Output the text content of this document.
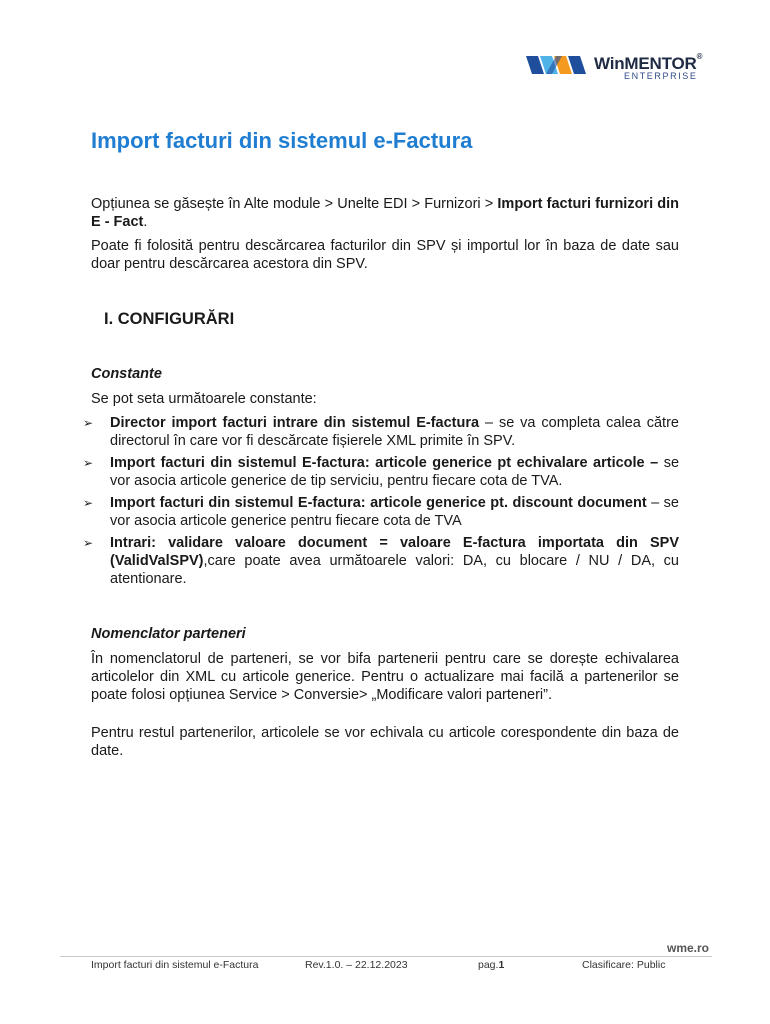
WinMENTOR®
ENTERPRISE
Import facturi din sistemul e-Factura

Opțiunea se găsește în Alte module > Unelte EDI > Furnizori > Import facturi furnizori din E - Fact.

Poate fi folosită pentru descărcarea facturilor din SPV și importul lor în baza de date sau doar pentru descărcarea acestora din SPV.

I. CONFIGURĂRI
Constante

Se pot seta următoarele constante:

➢ Director import facturi intrare din sistemul E-factura – se va completa calea către directorul în care vor fi descărcate fișierele XML primite în SPV.
➢ Import facturi din sistemul E-factura: articole generice pt echivalare articole – se vor asocia articole generice de tip serviciu, pentru fiecare cota de TVA.
➢ Import facturi din sistemul E-factura: articole generice pt. discount document – se vor asocia articole generice pentru fiecare cota de TVA
➢ Intrari: validare valoare document = valoare E-factura importata din SPV (ValidValSPV),care poate avea următoarele valori: DA, cu blocare / NU / DA, cu atentionare.
Nomenclator parteneri

În nomenclatorul de parteneri, se vor bifa partenerii pentru care se dorește echivalarea articolelor din XML cu articole generice. Pentru o actualizare mai facilă a partenerilor se poate folosi opțiunea Service > Conversie> „Modificare valori parteneri”.

Pentru restul partenerilor, articolele se vor echivala cu articole corespondente din baza de date.

wme.ro
Import facturi din sistemul e-Factura	Rev.1.0. – 22.12.2023	pag.1	Clasificare: Public
